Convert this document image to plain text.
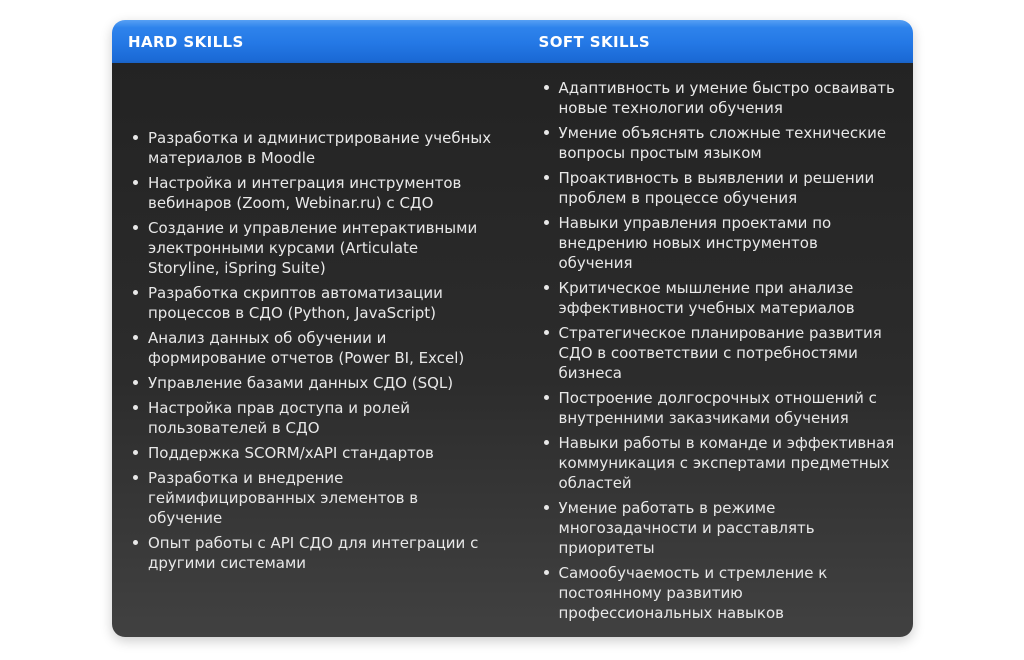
HARD SKILLS	SOFT SKILLS
Разработка и администрирование учебных материалов в Moodle
Настройка и интеграция инструментов вебинаров (Zoom, Webinar.ru) с СДО
Создание и управление интерактивными электронными курсами (Articulate Storyline, iSpring Suite)
Разработка скриптов автоматизации процессов в СДО (Python, JavaScript)
Анализ данных об обучении и формирование отчетов (Power BI, Excel)
Управление базами данных СДО (SQL)
Настройка прав доступа и ролей пользователей в СДО
Поддержка SCORM/xAPI стандартов
Разработка и внедрение геймифицированных элементов в обучение
Опыт работы с API СДО для интеграции с другими системами
Адаптивность и умение быстро осваивать новые технологии обучения
Умение объяснять сложные технические вопросы простым языком
Проактивность в выявлении и решении проблем в процессе обучения
Навыки управления проектами по внедрению новых инструментов обучения
Критическое мышление при анализе эффективности учебных материалов
Стратегическое планирование развития СДО в соответствии с потребностями бизнеса
Построение долгосрочных отношений с внутренними заказчиками обучения
Навыки работы в команде и эффективная коммуникация с экспертами предметных областей
Умение работать в режиме многозадачности и расставлять приоритеты
Самообучаемость и стремление к постоянному развитию профессиональных навыков
